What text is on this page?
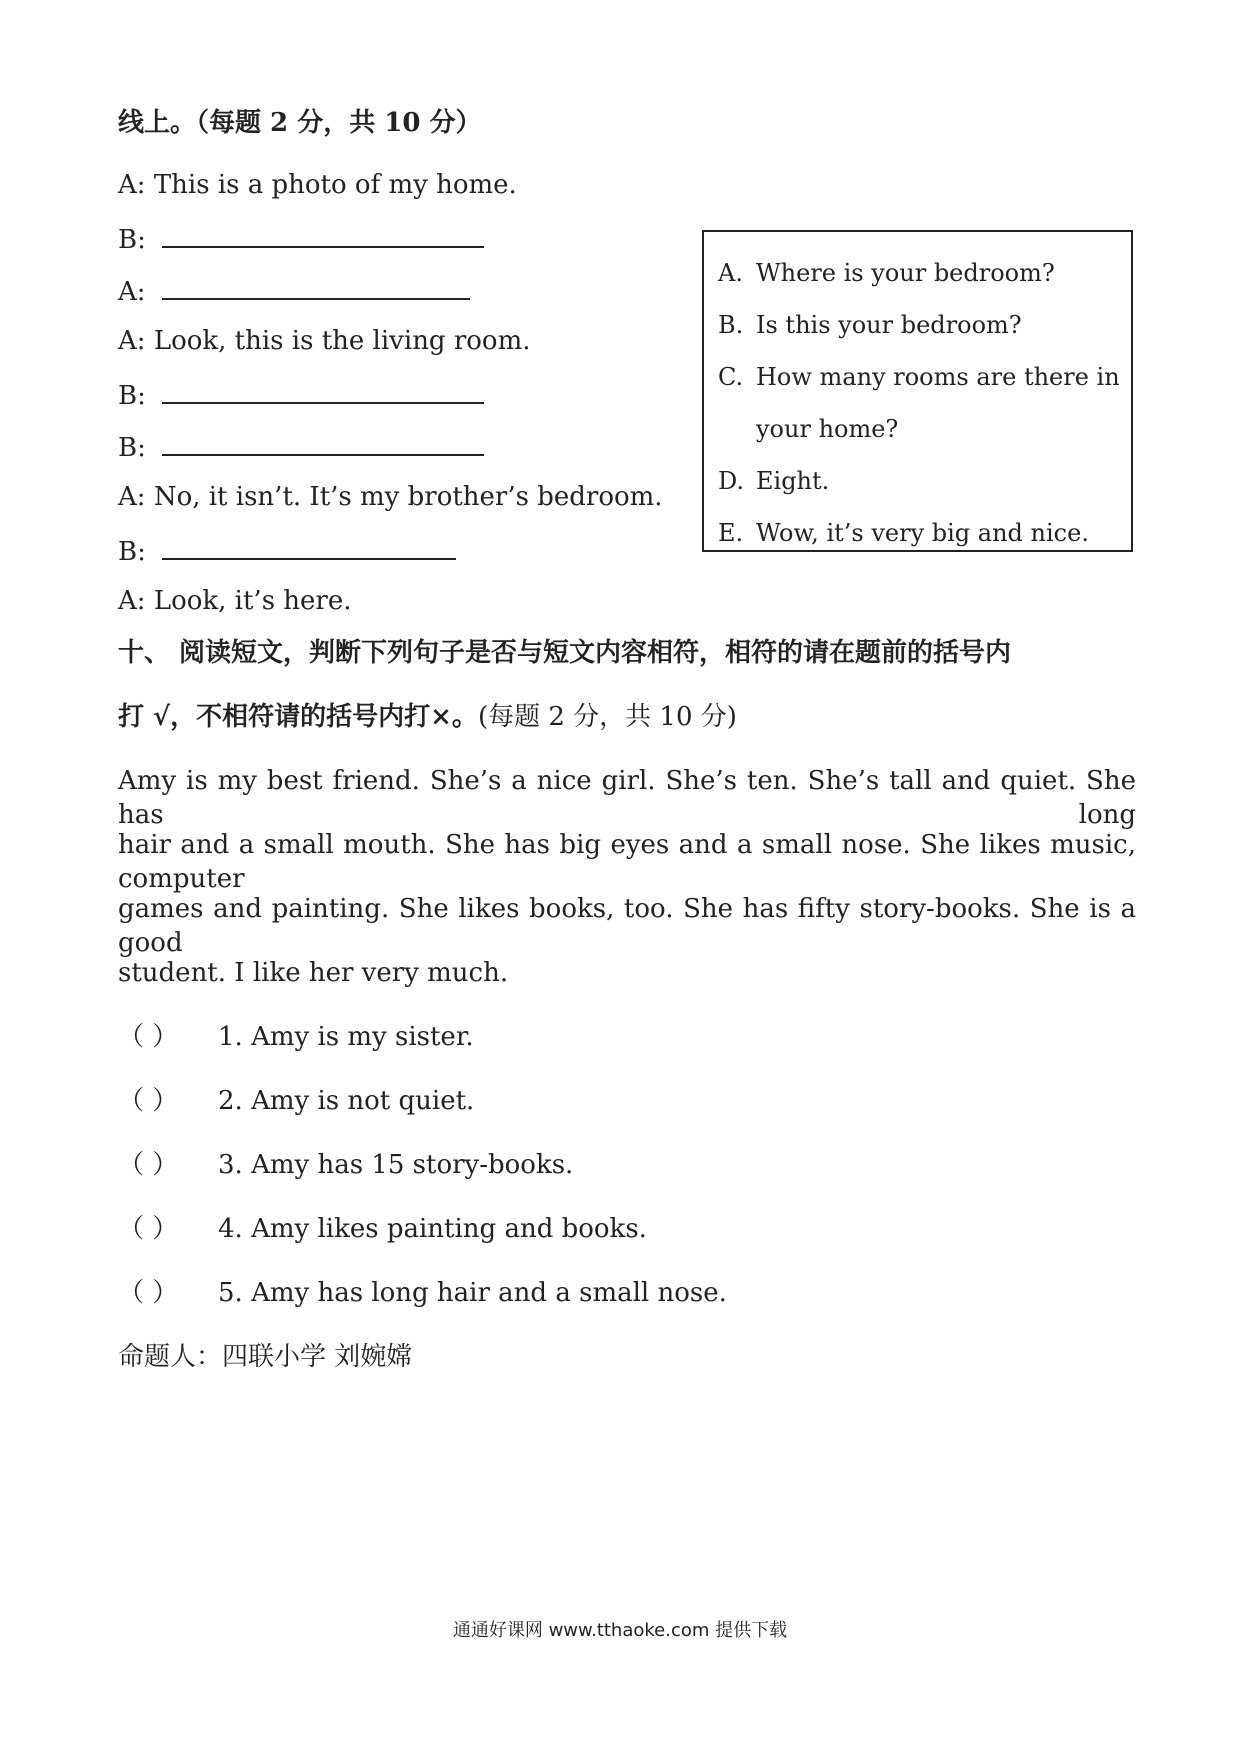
线上。（每题 2 分，共 10 分）
A: This is a photo of my home.
B:
A:
A: Look, this is the living room.
B:
B:
A: No, it isn’t. It’s my brother’s bedroom.
B:
A: Look, it’s here.
A. Where is your bedroom?
B. Is this your bedroom?
C. How many rooms are there in
your home?
D. Eight.
E. Wow, it’s very big and nice.
十、 阅读短文，判断下列句子是否与短文内容相符，相符的请在题前的括号内
打 √，不相符请的括号内打×。(每题 2 分，共 10 分)
Amy is my best friend. She’s a nice girl. She’s ten. She’s tall and quiet. She has long
hair and a small mouth. She has big eyes and a small nose. She likes music, computer
games and painting. She likes books, too. She has fifty story-books. She is a good
student. I like her very much.
（ ） 1. Amy is my sister.
（ ） 2. Amy is not quiet.
（ ） 3. Amy has 15 story-books.
（ ） 4. Amy likes painting and books.
（ ） 5. Amy has long hair and a small nose.
命题人：四联小学 刘婉嫦
通通好课网 www.tthaoke.com 提供下载
